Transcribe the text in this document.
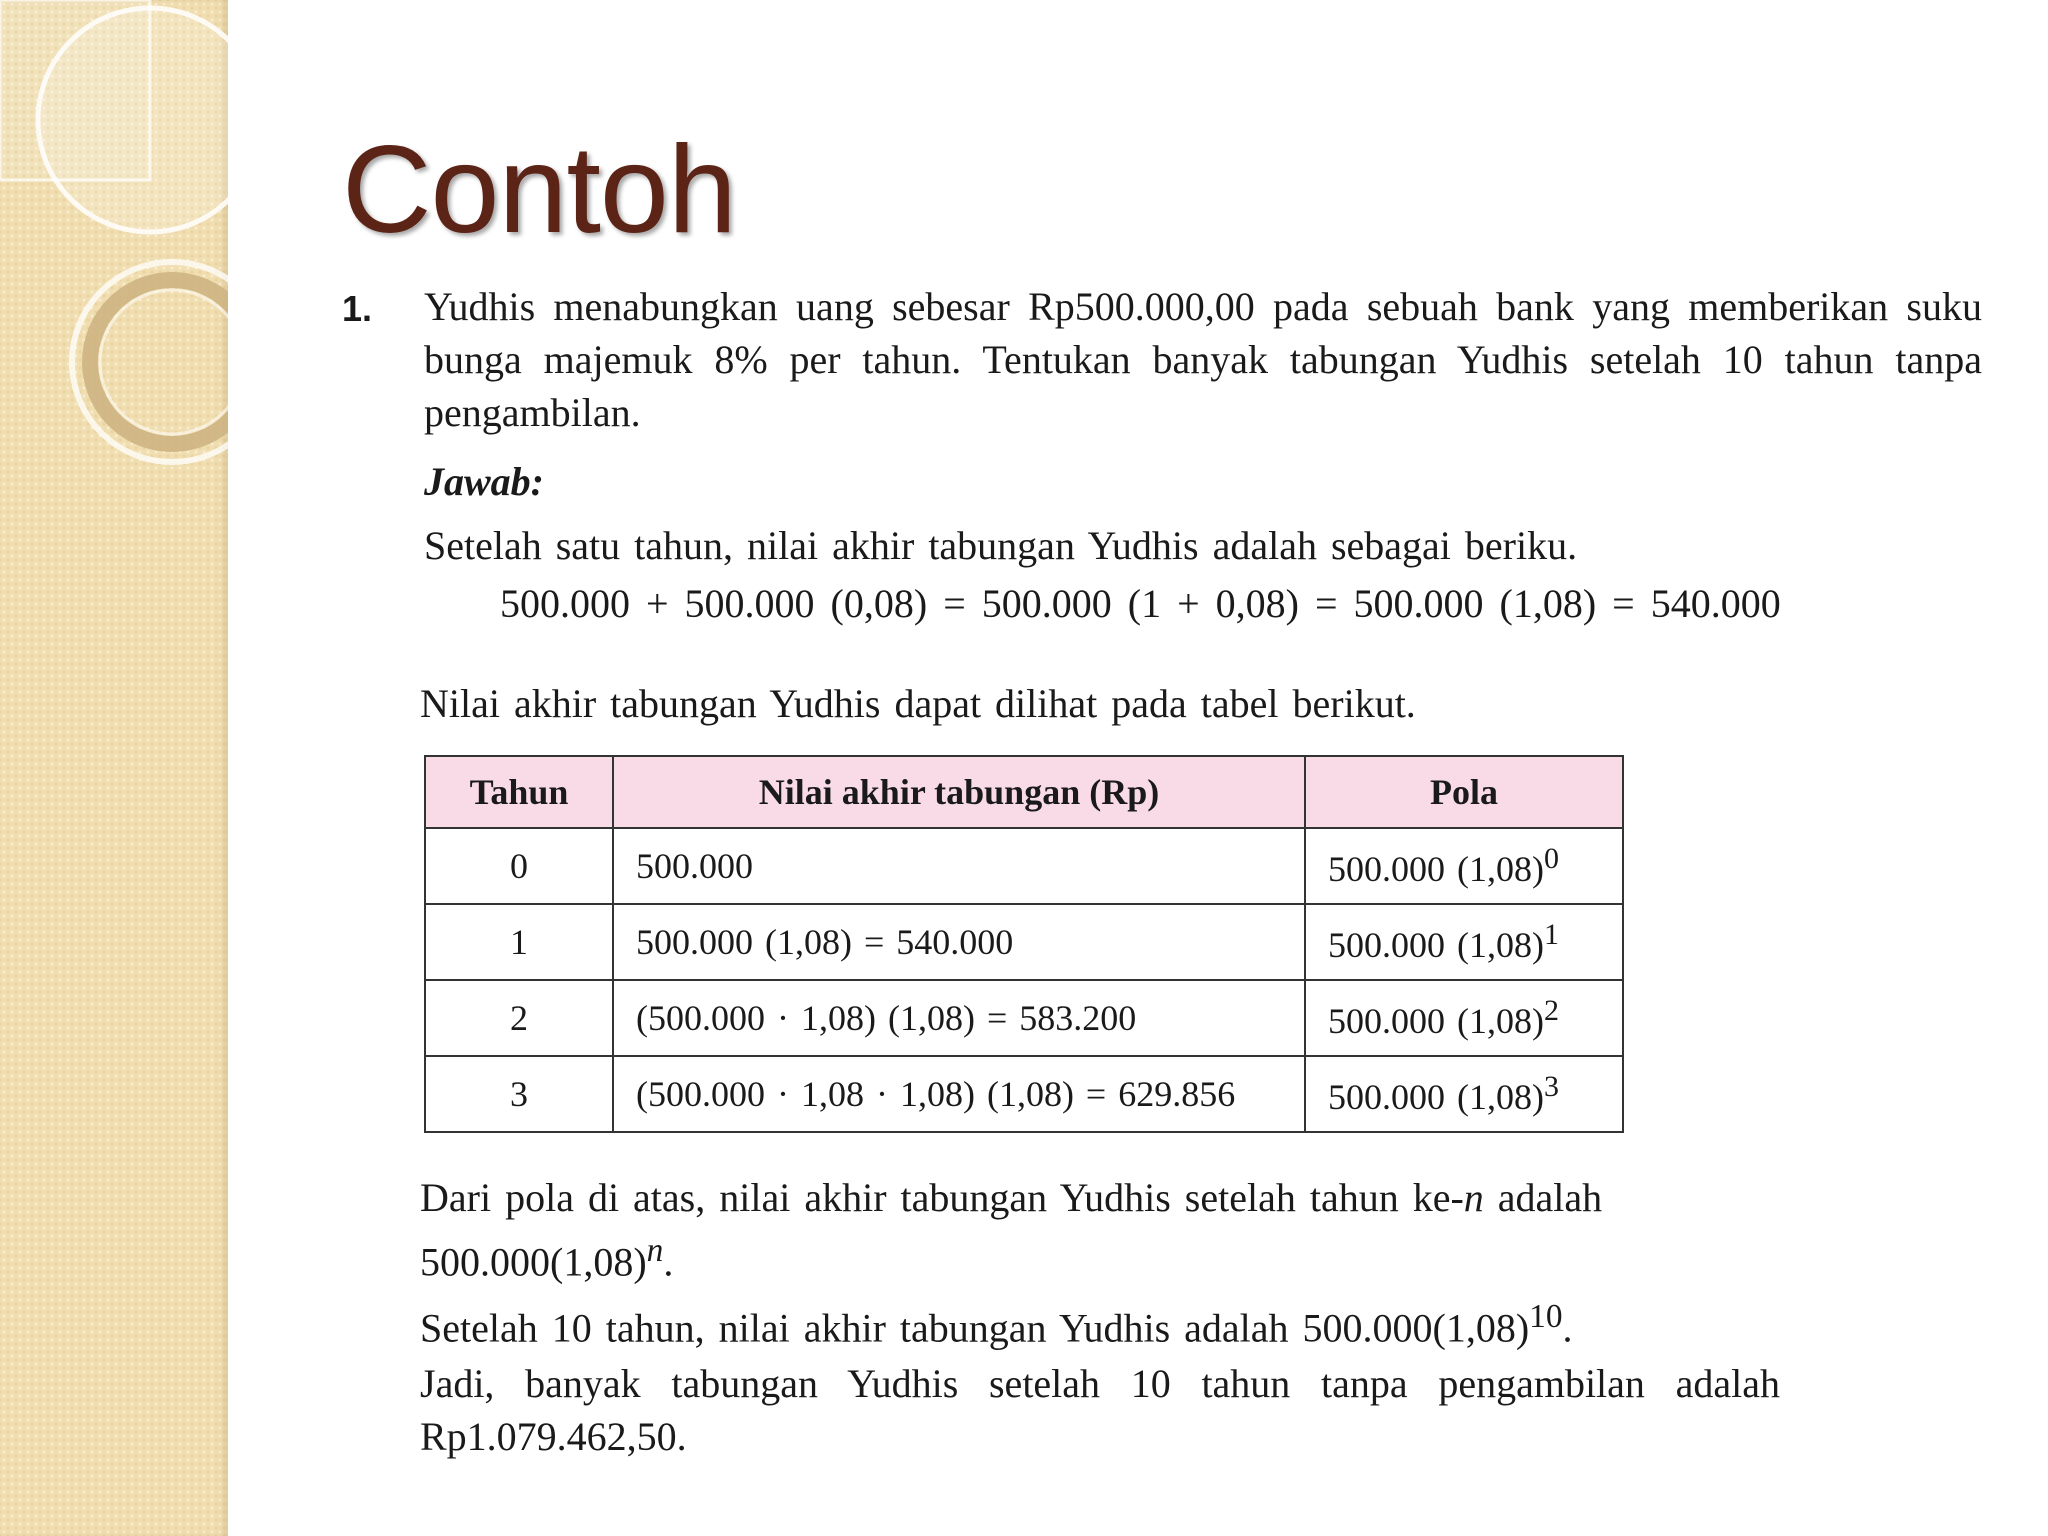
Contoh
1.	Yudhis menabungkan uang sebesar Rp500.000,00 pada sebuah bank yang memberikan suku bunga majemuk 8% per tahun. Tentukan banyak tabungan Yudhis setelah 10 tahun tanpa pengambilan.
Jawab:
Setelah satu tahun, nilai akhir tabungan Yudhis adalah sebagai beriku.
500.000 + 500.000 (0,08) = 500.000 (1 + 0,08) = 500.000 (1,08) = 540.000
Nilai akhir tabungan Yudhis dapat dilihat pada tabel berikut.
Tahun	Nilai akhir tabungan (Rp)	Pola
0	500.000	500.000 $(1,08)^0$
1	500.000 (1,08) = 540.000	500.000 $(1,08)^1$
2	(500.000 · 1,08) (1,08) = 583.200	500.000 $(1,08)^2$
3	(500.000 · 1,08 · 1,08) (1,08) = 629.856	500.000 $(1,08)^3$

Dari pola di atas, nilai akhir tabungan Yudhis setelah tahun ke-n adalah
$500.000(1,08)^n$.

Setelah 10 tahun, nilai akhir tabungan Yudhis adalah $500.000(1,08)^{10}$.

Jadi, banyak tabungan Yudhis setelah 10 tahun tanpa pengambilan adalah Rp1.079.462,50.
